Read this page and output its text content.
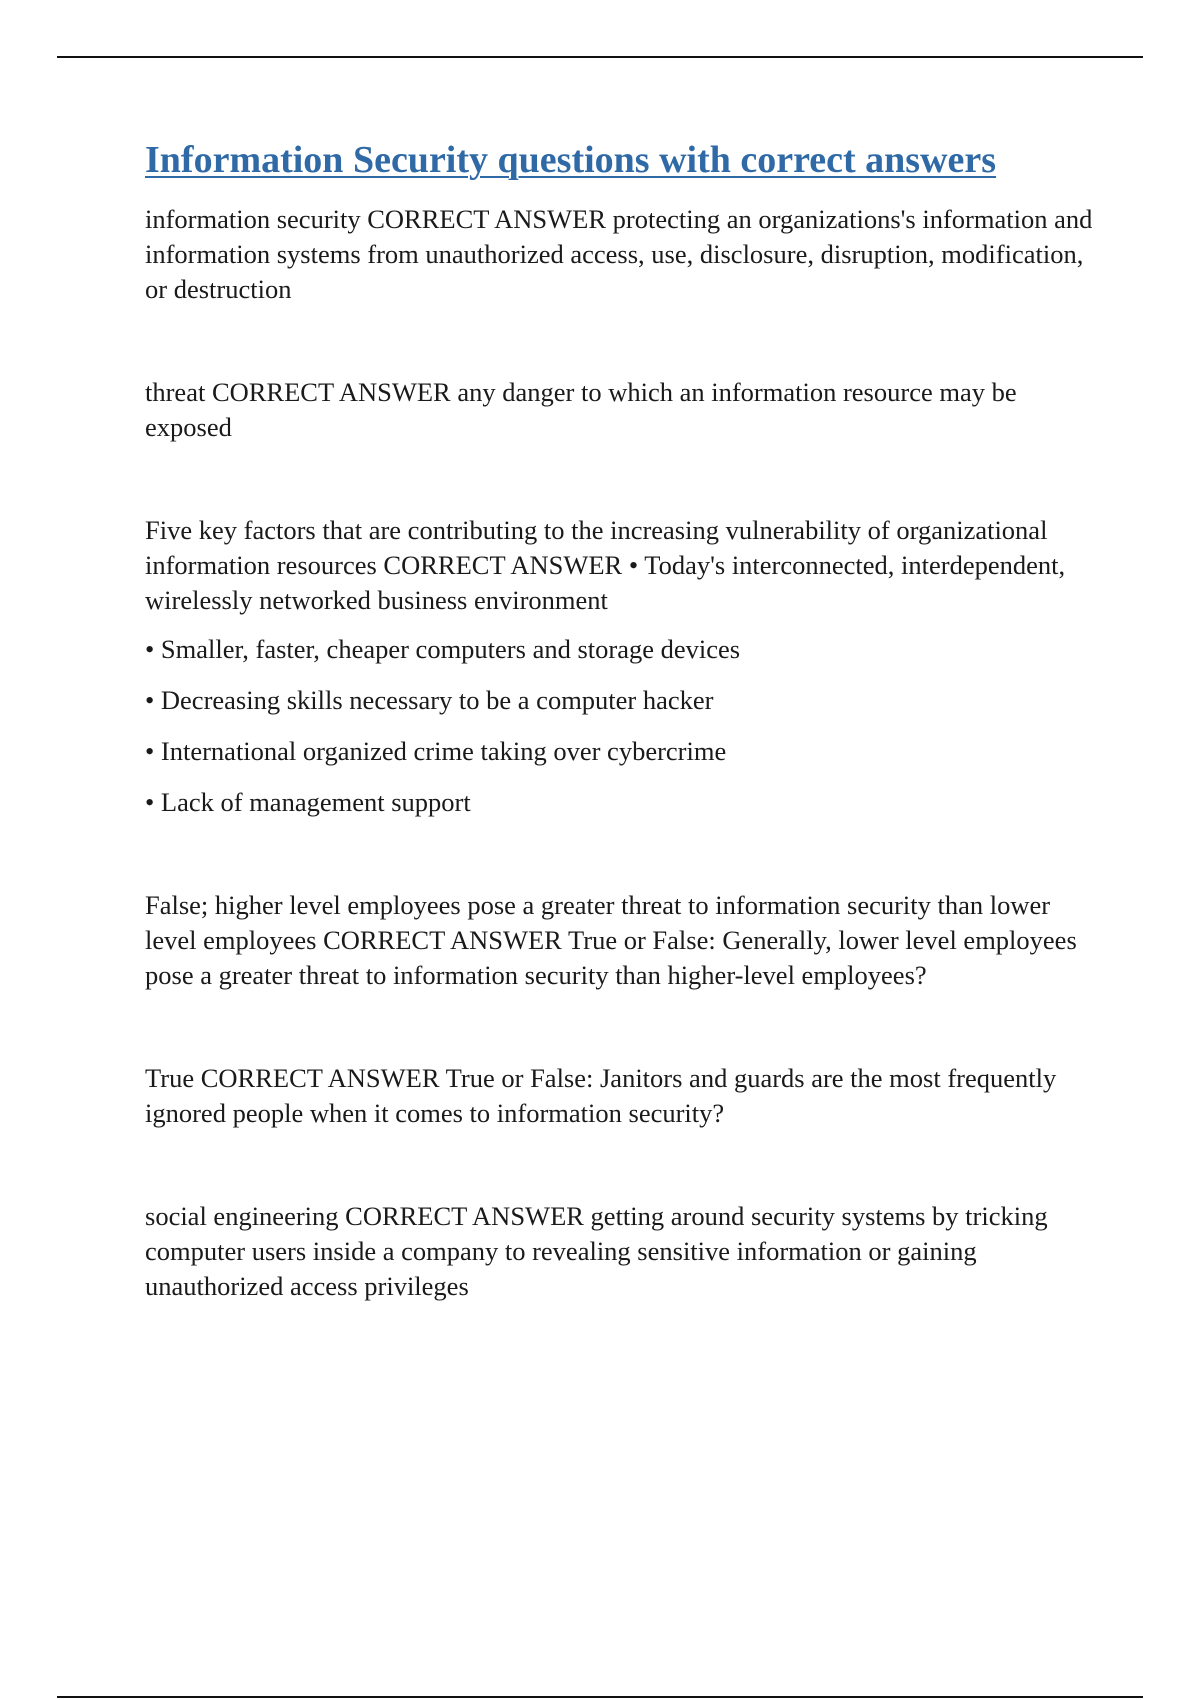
Information Security questions with correct answers

information security CORRECT ANSWER protecting an organizations's information and information systems from unauthorized access, use, disclosure, disruption, modification, or destruction

threat CORRECT ANSWER any danger to which an information resource may be exposed

Five key factors that are contributing to the increasing vulnerability of organizational information resources CORRECT ANSWER • Today's interconnected, interdependent, wirelessly networked business environment

• Smaller, faster, cheaper computers and storage devices
• Decreasing skills necessary to be a computer hacker
• International organized crime taking over cybercrime
• Lack of management support

False; higher level employees pose a greater threat to information security than lower level employees CORRECT ANSWER True or False: Generally, lower level employees pose a greater threat to information security than higher-level employees?

True CORRECT ANSWER True or False: Janitors and guards are the most frequently ignored people when it comes to information security?

social engineering CORRECT ANSWER getting around security systems by tricking computer users inside a company to revealing sensitive information or gaining unauthorized access privileges
